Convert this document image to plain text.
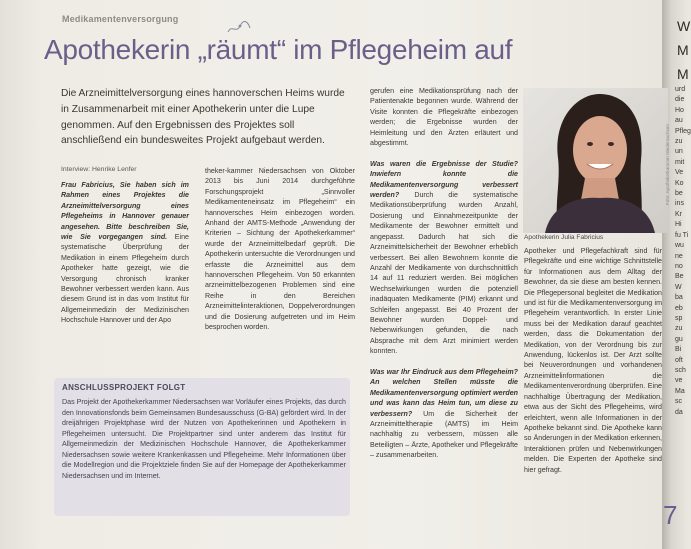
Medikamentenversorgung
Apothekerin „räumt“ im Pflegeheim auf
Die Arzneimittelversorgung eines hannoverschen Heims wurde in Zusammenarbeit mit einer Apothekerin unter die Lupe genommen. Auf den Ergebnissen des Projektes soll anschließend ein bundesweites Projekt aufgebaut werden.
Interview: Henrike Lenfer
Frau Fabricius, Sie haben sich im Rahmen eines Projektes die Arzneimittelversorgung eines Pflegeheims in Hannover genauer angesehen. Bitte beschreiben Sie, wie Sie vorgegangen sind. Eine systematische Überprüfung der Medikation in einem Pflegeheim durch Apotheker hatte gezeigt, wie die Versorgung chronisch kranker Bewohner verbessert werden kann. Aus diesem Grund ist in das vom Institut für Allgemeinmedizin der Medizinischen Hochschule Hannover und der Apo
theker-kammer Niedersachsen von Oktober 2013 bis Juni 2014 durchgeführte Forschungsprojekt „Sinnvoller Medikamenteneinsatz im Pflegeheim“ ein hannoversches Heim einbezogen worden. Anhand der AMTS-Methode „Anwendung der Kriterien – Sichtung der Apothekerkammer“ wurde der Arzneimittelbedarf geprüft. Die Apothekerin untersuchte die Verordnungen und erfasste die Arzneimittel aus dem hannoverschen Pflegeheim. Von 50 erkannten arzneimittelbezogenen Problemen sind eine Reihe in den Bereichen Arzneimittelinteraktionen, Doppelverordnungen und die Dosierung aufgetreten und im Heim besprochen worden.
gerufen eine Medikationsprüfung nach der Patientenakte begonnen wurde. Während der Visite konnten die Pflegekräfte einbezogen werden; die Ergebnisse wurden der Heimleitung und den Ärzten erläutert und abgestimmt.

Was waren die Ergebnisse der Studie? Inwiefern konnte die Medikamentenversorgung verbessert werden? Durch die systematische Medikationsüberprüfung wurden Anzahl, Dosierung und Einnahmezeitpunkte der Medikamente der Bewohner ermittelt und angepasst. Dadurch hat sich die Arzneimittelsicherheit der Bewohner erheblich verbessert. Bei allen Bewohnern konnte die Anzahl der Medikamente von durchschnittlich 14 auf 11 reduziert werden. Bei möglichen Wechselwirkungen wurden die potenziell inadäquaten Medikamente (PIM) erkannt und Schleifen angepasst. Bei 40 Prozent der Bewohner wurden Doppel- und Nebenwirkungen gefunden, die nach Absprache mit dem Arzt minimiert werden konnten.

Was war Ihr Eindruck aus dem Pflegeheim? An welchen Stellen müsste die Medikamentenversorgung optimiert werden und was kann das Heim tun, um diese zu verbessern? Um die Sicherheit der Arzneimitteltherapie (AMTS) im Heim nachhaltig zu verbessern, müssen alle Beteiligten – Ärzte, Apotheker und Pflegekräfte – zusammenarbeiten.
Foto: Apothekerkammer Niedersachsen
Apothekerin Julia Fabricius
Apotheker und Pflegefachkraft sind für Pflegekräfte und eine wichtige Schnittstelle für Informationen aus dem Alltag der Bewohner, da sie diese am besten kennen. Die Pflegepersonal begleitet die Medikation und ist für die Medikamentenversorgung im Pflegeheim verantwortlich. In erster Linie muss bei der Medikation darauf geachtet werden, dass die Dokumentation der Medikation, von der Verordnung bis zur Anwendung, lückenlos ist. Der Arzt sollte bei Neuverordnungen und vorhandenen Arzneimittelinformationen die Medikamentenverordnung überprüfen. Eine nachhaltige Übertragung der Medikation, etwa aus der Sicht des Pflegeheims, wird erleichtert, wenn alle Informationen in der Apotheke bekannt sind. Die Apotheke kann so Änderungen in der Medikation erkennen, Interaktionen prüfen und Nebenwirkungen melden. Die Experten der Apotheke sind hier gefragt.
ANSCHLUSSPROJEKT FOLGT
Das Projekt der Apothekerkammer Niedersachsen war Vorläufer eines Projekts, das durch den Innovationsfonds beim Gemeinsamen Bundesausschuss (G-BA) gefördert wird. In der dreijährigen Projektphase wird der Nutzen von Apothekerinnen und Apothekern in Pflegeheimen untersucht. Die Projektpartner sind unter anderem das Institut für Allgemeinmedizin der Medizinischen Hochschule Hannover, die Apothekerkammer Niedersachsen sowie weitere Krankenkassen und Pflegeheime. Mehr Informationen über die Modellregion und die Projektziele finden Sie auf der Homepage der Apothekerkammer Niedersachsen und im Internet.
7
W
M
M
urd die Ho au Pfleg zu un mit Ve Ko be ins Kr Hi fu Ti wu ne no Be W ba eb sp zu gu Bi oft sch ve Ma sc da
